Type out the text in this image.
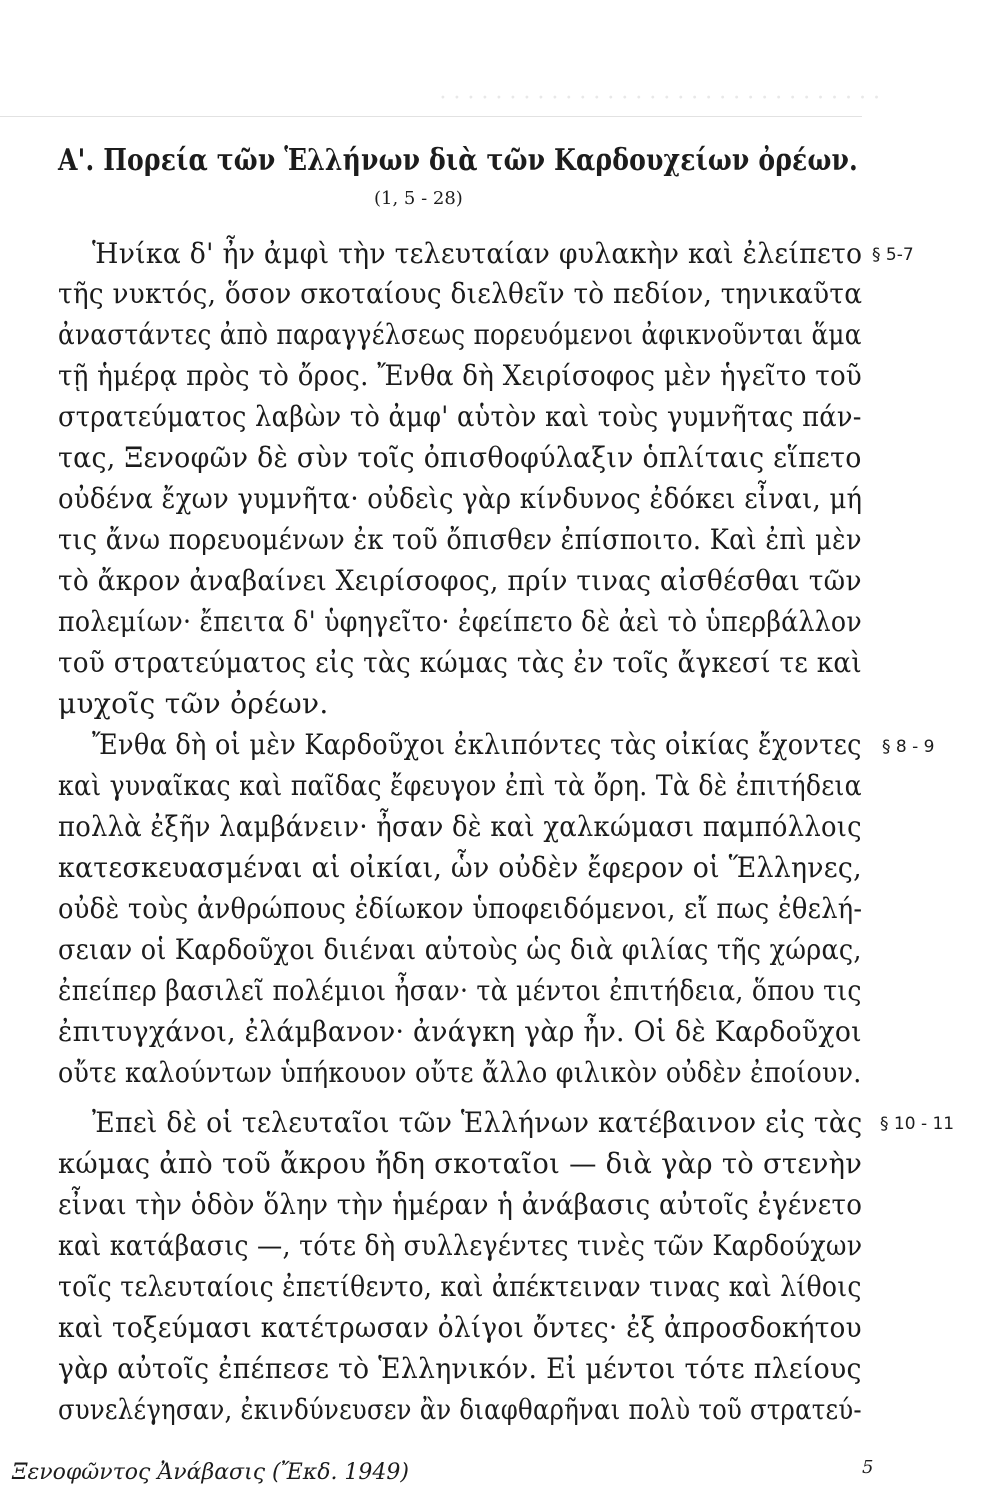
· · · · · · · · · · · · · · · · · · · · · · · · · · · · · · · ·
Α'. Πορεία τῶν Ἑλλήνων διὰ τῶν Καρδουχείων ὀρέων.
(1, 5 - 28)
Ἡνίκα δ' ἦν ἀμφὶ τὴν τελευταίαν φυλακὴν καὶ ἐλείπετο
τῆς νυκτός, ὅσον σκοταίους διελθεῖν τὸ πεδίον, τηνικαῦτα
ἀναστάντες ἀπὸ παραγγέλσεως πορευόμενοι ἀφικνοῦνται ἅμα
τῇ ἡμέρᾳ πρὸς τὸ ὄρος. Ἔνθα δὴ Χειρίσοφος μὲν ἡγεῖτο τοῦ
στρατεύματος λαβὼν τὸ ἀμφ' αὑτὸν καὶ τοὺς γυμνῆτας πάν-
τας, Ξενοφῶν δὲ σὺν τοῖς ὀπισθοφύλαξιν ὁπλίταις εἵπετο
οὐδένα ἔχων γυμνῆτα· οὐδεὶς γὰρ κίνδυνος ἐδόκει εἶναι, μή
τις ἄνω πορευομένων ἐκ τοῦ ὄπισθεν ἐπίσποιτο. Καὶ ἐπὶ μὲν
τὸ ἄκρον ἀναβαίνει Χειρίσοφος, πρίν τινας αἰσθέσθαι τῶν
πολεμίων· ἔπειτα δ' ὑφηγεῖτο· ἐφείπετο δὲ ἀεὶ τὸ ὑπερβάλλον
τοῦ στρατεύματος εἰς τὰς κώμας τὰς ἐν τοῖς ἄγκεσί τε καὶ
μυχοῖς τῶν ὀρέων.
Ἔνθα δὴ οἱ μὲν Καρδοῦχοι ἐκλιπόντες τὰς οἰκίας ἔχοντες
καὶ γυναῖκας καὶ παῖδας ἔφευγον ἐπὶ τὰ ὄρη. Τὰ δὲ ἐπιτήδεια
πολλὰ ἐξῆν λαμβάνειν· ἦσαν δὲ καὶ χαλκώμασι παμπόλλοις
κατεσκευασμέναι αἱ οἰκίαι, ὧν οὐδὲν ἔφερον οἱ Ἕλληνες,
οὐδὲ τοὺς ἀνθρώπους ἐδίωκον ὑποφειδόμενοι, εἴ πως ἐθελή-
σειαν οἱ Καρδοῦχοι διιέναι αὐτοὺς ὡς διὰ φιλίας τῆς χώρας,
ἐπείπερ βασιλεῖ πολέμιοι ἦσαν· τὰ μέντοι ἐπιτήδεια, ὅπου τις
ἐπιτυγχάνοι, ἐλάμβανον· ἀνάγκη γὰρ ἦν. Οἱ δὲ Καρδοῦχοι
οὔτε καλούντων ὑπήκουον οὔτε ἄλλο φιλικὸν οὐδὲν ἐποίουν.
Ἐπεὶ δὲ οἱ τελευταῖοι τῶν Ἑλλήνων κατέβαινον εἰς τὰς
κώμας ἀπὸ τοῦ ἄκρου ἤδη σκοταῖοι — διὰ γὰρ τὸ στενὴν
εἶναι τὴν ὁδὸν ὅλην τὴν ἡμέραν ἡ ἀνάβασις αὐτοῖς ἐγένετο
καὶ κατάβασις —, τότε δὴ συλλεγέντες τινὲς τῶν Καρδούχων
τοῖς τελευταίοις ἐπετίθεντο, καὶ ἀπέκτειναν τινας καὶ λίθοις
καὶ τοξεύμασι κατέτρωσαν ὀλίγοι ὄντες· ἐξ ἀπροσδοκήτου
γὰρ αὐτοῖς ἐπέπεσε τὸ Ἑλληνικόν. Εἰ μέντοι τότε πλείους
συνελέγησαν, ἐκινδύνευσεν ἂν διαφθαρῆναι πολὺ τοῦ στρατεύ-
§ 5-7
§ 8 - 9
§ 10 - 11
Ξενοφῶντος Ἀνάβασις (Ἔκδ. 1949)	5
